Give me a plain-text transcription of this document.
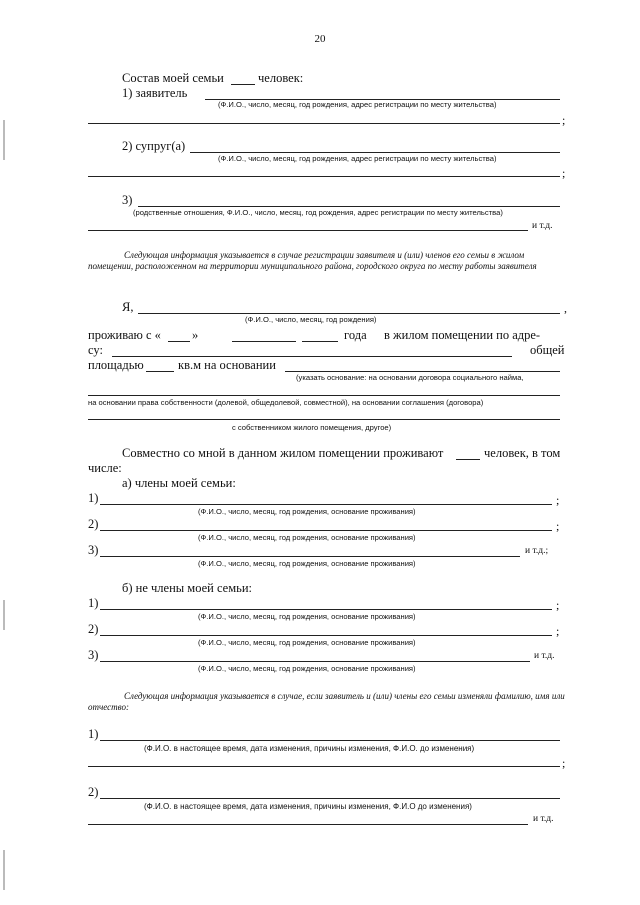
20
Состав моей семьи	человек:
1) заявитель
(Ф.И.О., число, месяц, год рождения, адрес регистрации по месту жительства)
;
2) супруг(а)
(Ф.И.О., число, месяц, год рождения, адрес регистрации по месту жительства)
;
3)
(родственные отношения, Ф.И.О., число, месяц, год рождения, адрес регистрации по месту жительства)
и т.д.
Следующая информация указывается в случае регистрации заявителя и (или) членов его семьи в жилом помещении, расположенном на территории муниципального района, городского округа по месту работы заявителя
Я,	,
(Ф.И.О., число, месяц, год рождения)
проживаю с « »	года в жилом помещении по адре-
су:	общей
площадью	кв.м на основании
(указать основание: на основании договора социального найма,
на основании права собственности (долевой, общедолевой, совместной), на основании соглашения (договора)
с собственником жилого помещения, другое)
Совместно со мной в данном жилом помещении проживают	человек, в том
числе:
а) члены моей семьи:
1)	;
(Ф.И.О., число, месяц, год рождения, основание проживания)
2)	;
(Ф.И.О., число, месяц, год рождения, основание проживания)
3)	и т.д.;
(Ф.И.О., число, месяц, год рождения, основание проживания)
б) не члены моей семьи:
1)	;
(Ф.И.О., число, месяц, год рождения, основание проживания)
2)	;
(Ф.И.О., число, месяц, год рождения, основание проживания)
3)	и т.д.
(Ф.И.О., число, месяц, год рождения, основание проживания)
Следующая информация указывается в случае, если заявитель и (или) члены его семьи изменяли фамилию, имя или отчество:
1)
(Ф.И.О. в настоящее время, дата изменения, причины изменения, Ф.И.О. до изменения)
;
2)
(Ф.И.О. в настоящее время, дата изменения, причины изменения, Ф.И.О до изменения)
и т.д.
